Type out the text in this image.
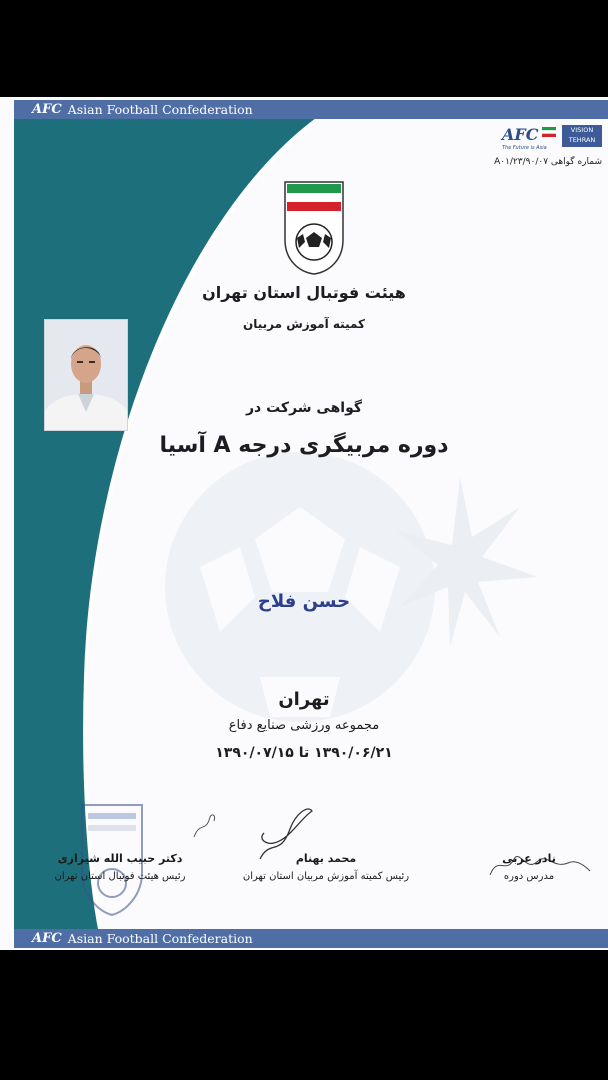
AFC Asian Football Confederation
AFC
The Future is Asia
VISION
TEHRAN
شماره گواهی ۹۰/۰۷/A۰۱/۲۳
هیئت فوتبال استان تهران
کمیته آموزش مربیان
گواهی شرکت در
دوره مربیگری درجه A آسیا
حسن فلاح
تهران
مجموعه ورزشی صنایع دفاع
۱۳۹۰/۰۶/۲۱ تا ۱۳۹۰/۰۷/۱۵
دکتر حبیب الله شیرازی
رئیس هیئت فوتبال استان تهران
محمد بهنام
رئیس کمیته آموزش مربیان استان تهران
نادر عربی
مدرس دوره
AFC Asian Football Confederation
